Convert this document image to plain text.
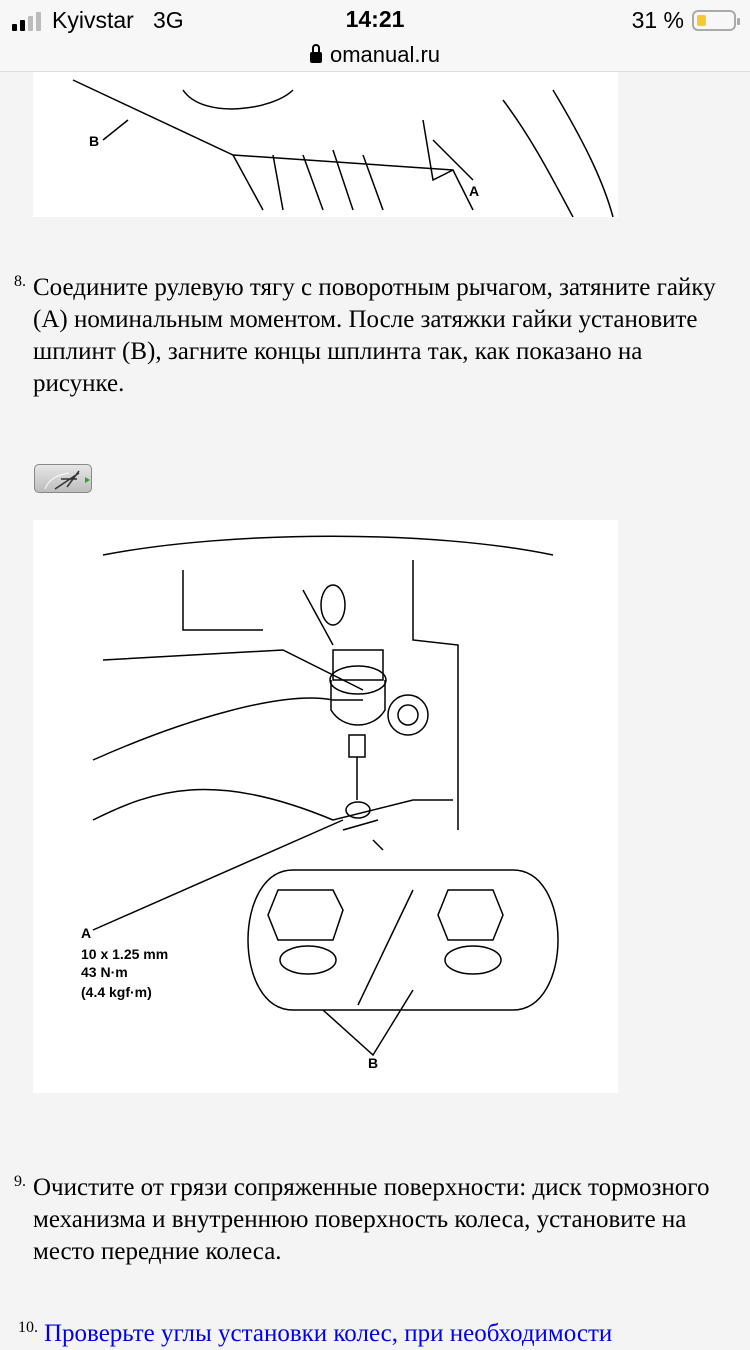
Kyivstar 3G	14:21	31 %
omanual.ru
B
A
8. Соедините рулевую тягу с поворотным рычагом, затяните гайку (A) номинальным моментом. После затяжки гайки установите шплинт (B), загните концы шплинта так, как показано на рисунке.
A
10 x 1.25 mm
43 N·m
(4.4 kgf·m)
B
9. Очистите от грязи сопряженные поверхности: диск тормозного механизма и внутреннюю поверхность колеса, установите на место передние колеса.
10. Проверьте углы установки колес, при необходимости
